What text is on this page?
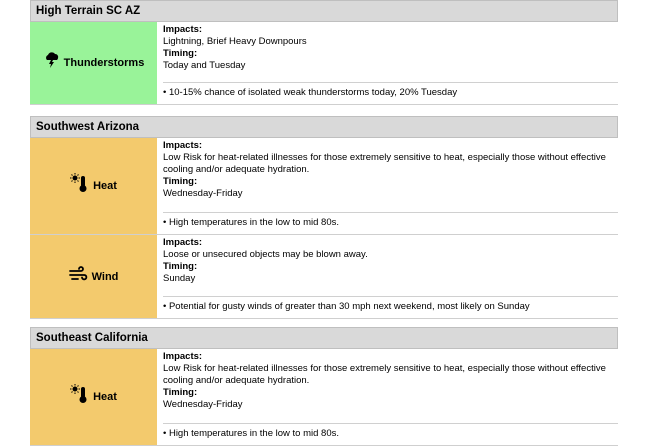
High Terrain SC AZ
Thunderstorms
Impacts:
Lightning, Brief Heavy Downpours
Timing:
Today and Tuesday
• 10-15% chance of isolated weak thunderstorms today, 20% Tuesday
Southwest Arizona
Heat
Impacts:
Low Risk for heat-related illnesses for those extremely sensitive to heat, especially those without effective cooling and/or adequate hydration.
Timing:
Wednesday-Friday
• High temperatures in the low to mid 80s.
Wind
Impacts:
Loose or unsecured objects may be blown away.
Timing:
Sunday
• Potential for gusty winds of greater than 30 mph next weekend, most likely on Sunday
Southeast California
Heat
Impacts:
Low Risk for heat-related illnesses for those extremely sensitive to heat, especially those without effective cooling and/or adequate hydration.
Timing:
Wednesday-Friday
• High temperatures in the low to mid 80s.
